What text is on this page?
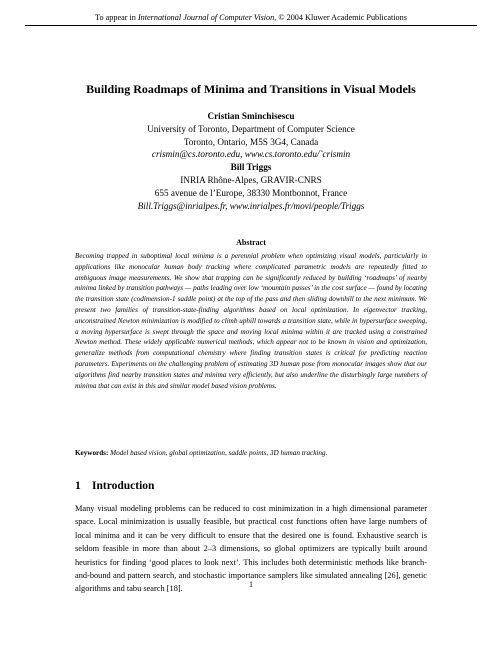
To appear in International Journal of Computer Vision, © 2004 Kluwer Academic Publications
Building Roadmaps of Minima and Transitions in Visual Models
Cristian Sminchisescu
University of Toronto, Department of Computer Science
Toronto, Ontario, M5S 3G4, Canada
crismin@cs.toronto.edu, www.cs.toronto.edu/˜crismin
Bill Triggs
INRIA Rhône-Alpes, GRAVIR-CNRS
655 avenue de l’Europe, 38330 Montbonnot, France
Bill.Triggs@inrialpes.fr, www.inrialpes.fr/movi/people/Triggs
Abstract

Becoming trapped in suboptimal local minima is a perennial problem when optimizing visual models, particularly in applications like monocular human body tracking where complicated parametric models are repeatedly fitted to ambiguous image measurements. We show that trapping can be significantly reduced by building ‘roadmaps’ of nearby minima linked by transition pathways — paths leading over low ‘mountain passes’ in the cost surface — found by locating the transition state (codimension-1 saddle point) at the top of the pass and then sliding downhill to the next minimum. We present two families of transition-state-finding algorithms based on local optimization. In eigenvector tracking, unconstrained Newton minimization is modified to climb uphill towards a transition state, while in hypersurface sweeping, a moving hypersurface is swept through the space and moving local minima within it are tracked using a constrained Newton method. These widely applicable numerical methods, which appear not to be known in vision and optimization, generalize methods from computational chemistry where finding transition states is critical for predicting reaction parameters. Experiments on the challenging problem of estimating 3D human pose from monocular images show that our algorithms find nearby transition states and minima very efficiently, but also underline the disturbingly large numbers of minima that can exist in this and similar model based vision problems.

Keywords: Model based vision, global optimization, saddle points, 3D human tracking.

1 Introduction

Many visual modeling problems can be reduced to cost minimization in a high dimensional parameter space. Local minimization is usually feasible, but practical cost functions often have large numbers of local minima and it can be very difficult to ensure that the desired one is found. Exhaustive search is seldom feasible in more than about 2–3 dimensions, so global optimizers are typically built around heuristics for finding ‘good places to look next’. This includes both deterministic methods like branch-and-bound and pattern search, and stochastic importance samplers like simulated annealing [26], genetic algorithms and tabu search [18].	1
